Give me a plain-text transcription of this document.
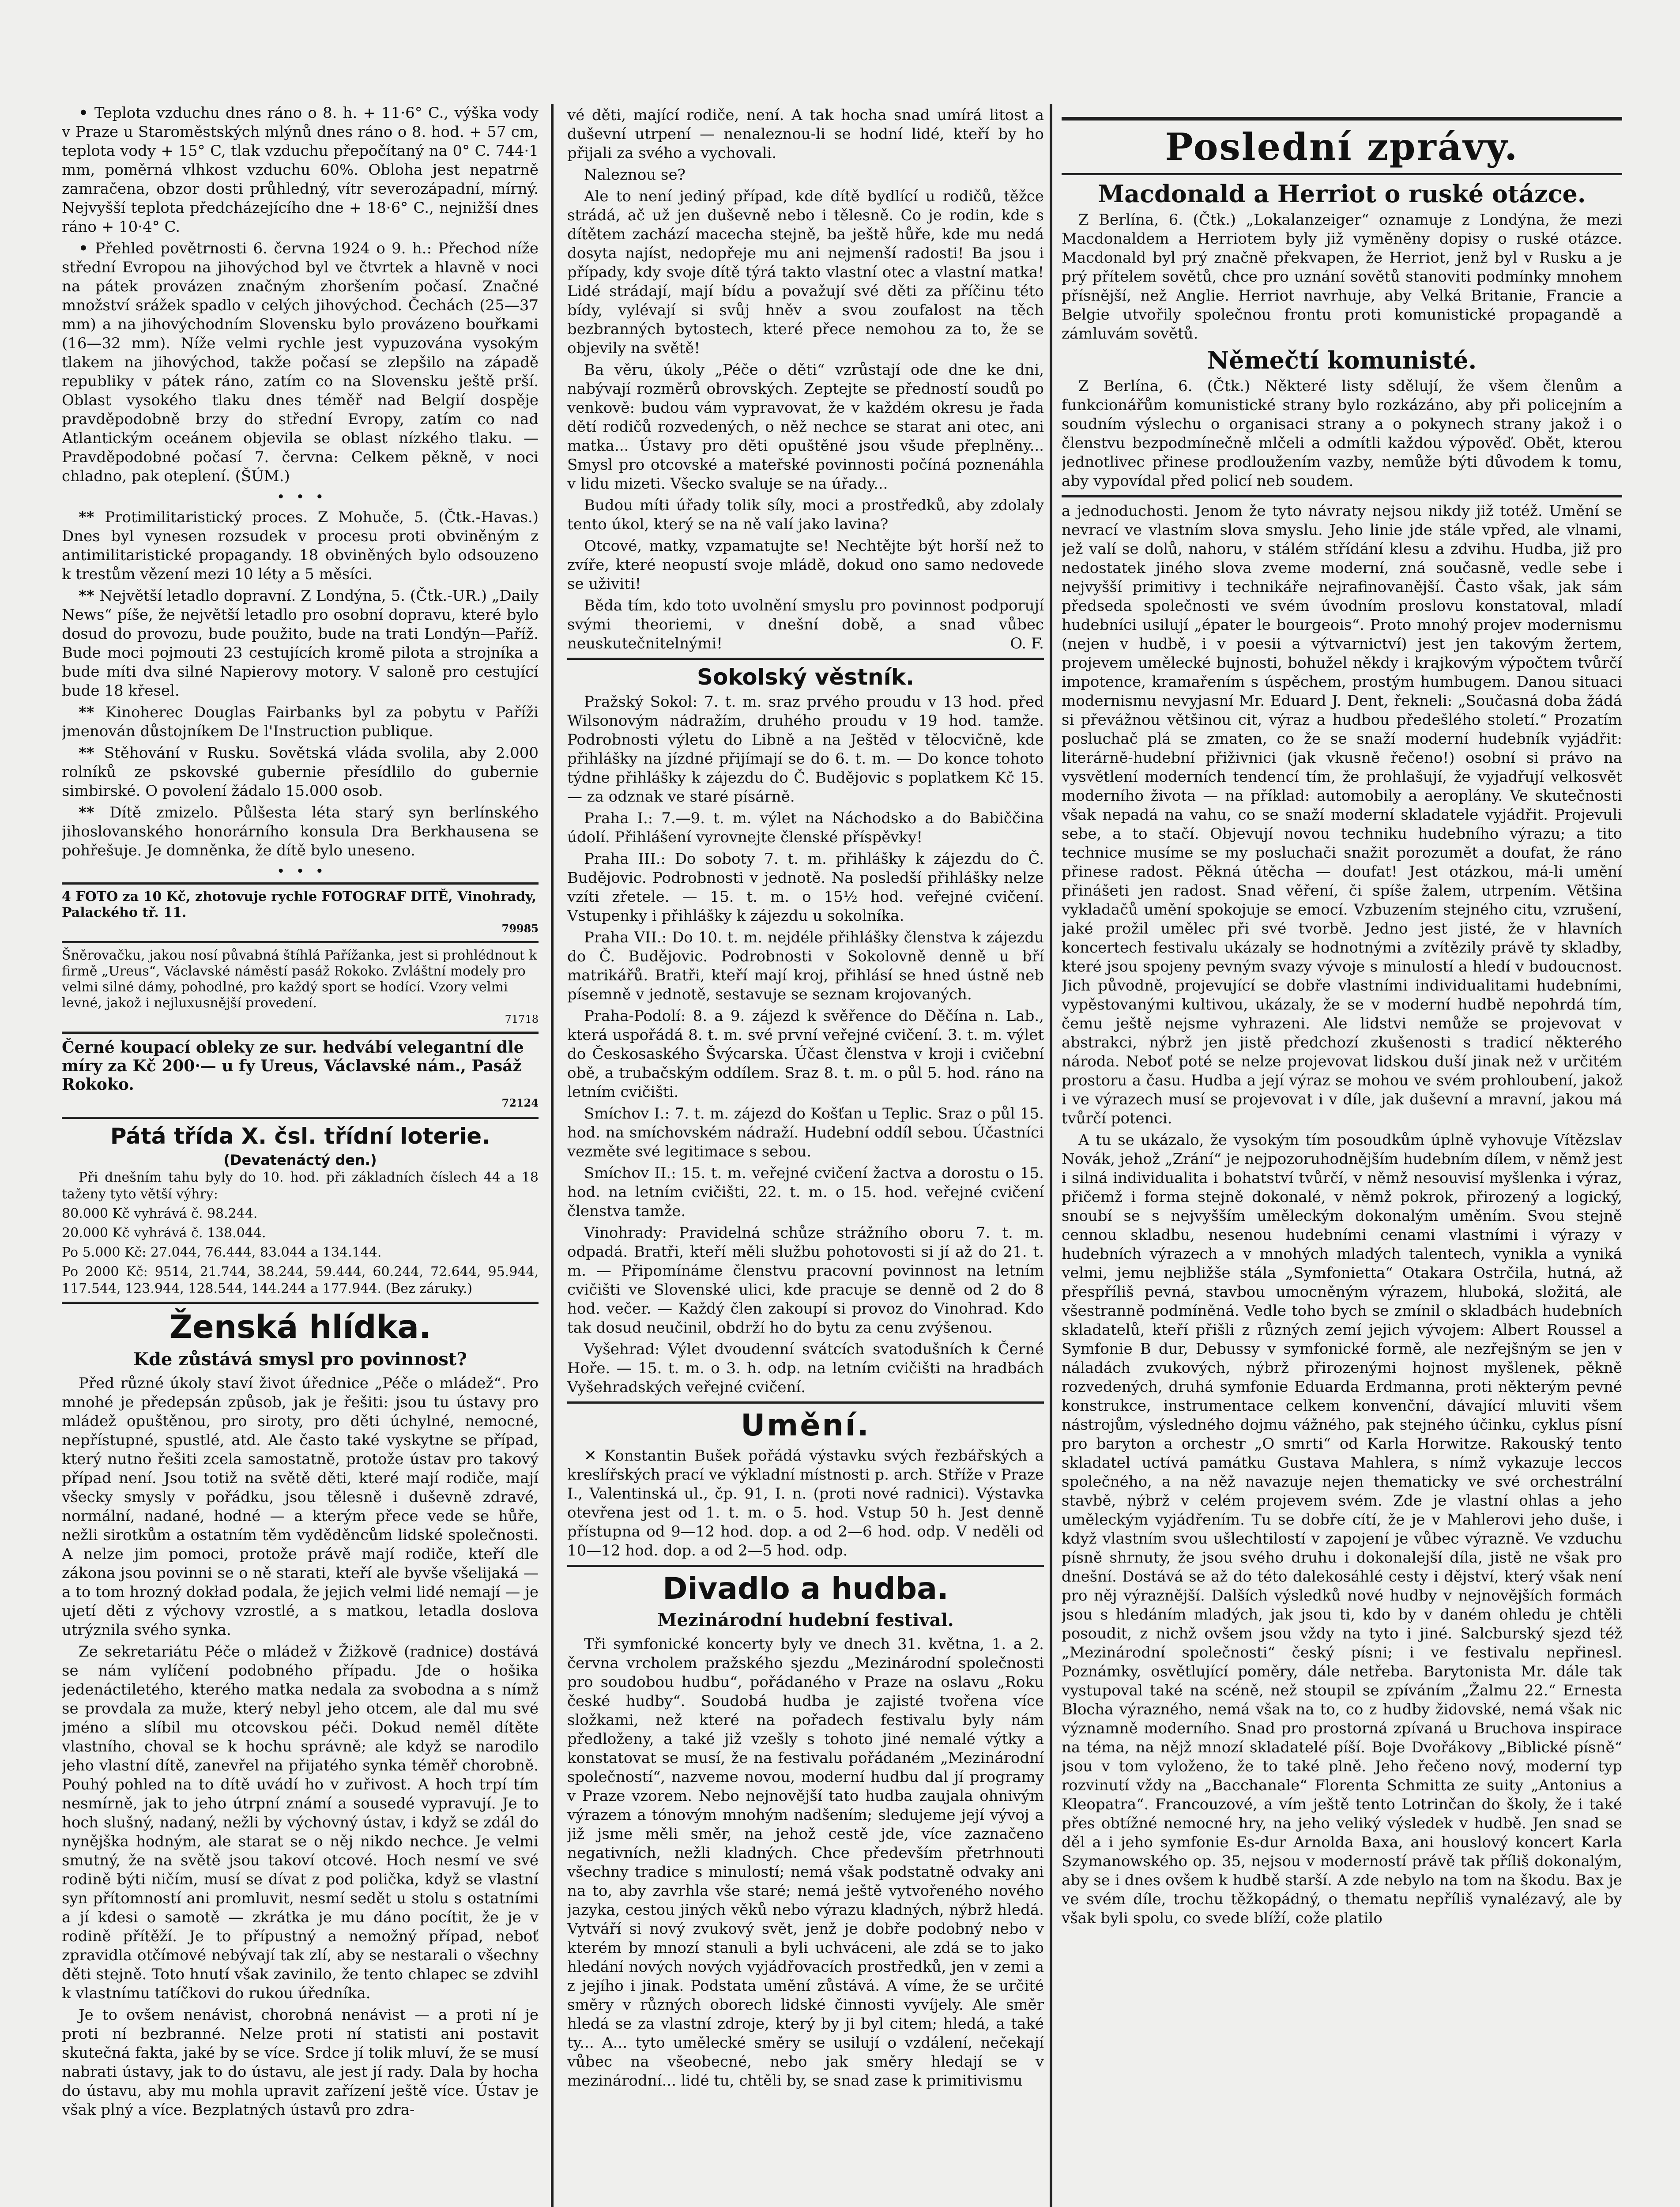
• Teplota vzduchu dnes ráno o 8. h. + 11·6° C., výška vody v Praze u Staroměstských mlýnů dnes ráno o 8. hod. + 57 cm, teplota vody + 15° C, tlak vzduchu přepočítaný na 0° C. 744·1 mm, poměrná vlhkost vzduchu 60%. Obloha jest nepatrně zamračena, obzor dosti průhledný, vítr severozápadní, mírný. Nejvyšší teplota předcházejícího dne + 18·6° C., nejnižší dnes ráno + 10·4° C.

• Přehled povětrnosti 6. června 1924 o 9. h.: Přechod níže střední Evropou na jihovýchod byl ve čtvrtek a hlavně v noci na pátek provázen značným zhoršením počasí. Značné množství srážek spadlo v celých jihovýchod. Čechách (25—37 mm) a na jihovýchodním Slovensku bylo provázeno bouřkami (16—32 mm). Níže velmi rychle jest vypuzována vysokým tlakem na jihovýchod, takže počasí se zlepšilo na západě republiky v pátek ráno, zatím co na Slovensku ještě prší. Oblast vysokého tlaku dnes téměř nad Belgií dospěje pravděpodobně brzy do střední Evropy, zatím co nad Atlantickým oceánem objevila se oblast nízkého tlaku. — Pravděpodobné počasí 7. června: Celkem pěkně, v noci chladno, pak oteplení. (ŠÚM.)

•   •   •

** Protimilitaristický proces. Z Mohuče, 5. (Čtk.-Havas.) Dnes byl vynesen rozsudek v procesu proti obviněným z antimilitaristické propagandy. 18 obviněných bylo odsouzeno k trestům vězení mezi 10 léty a 5 měsíci.

** Největší letadlo dopravní. Z Londýna, 5. (Čtk.-UR.) „Daily News“ píše, že největší letadlo pro osobní dopravu, které bylo dosud do provozu, bude použito, bude na trati Londýn—Paříž. Bude moci pojmouti 23 cestujících kromě pilota a strojníka a bude míti dva silné Napierovy motory. V saloně pro cestující bude 18 křesel.

** Kinoherec Douglas Fairbanks byl za pobytu v Paříži jmenován důstojníkem De l'Instruction publique.

** Stěhování v Rusku. Sovětská vláda svolila, aby 2.000 rolníků ze pskovské gubernie přesídlilo do gubernie simbirské. O povolení žádalo 15.000 osob.

** Dítě zmizelo. Půlšesta léta starý syn berlínského jihoslovanského honorárního konsula Dra Berkhausena se pohřešuje. Je domněnka, že dítě bylo uneseno.

•   •   •
4 FOTO za 10 Kč, zhotovuje rychle FOTOGRAF DITĚ, Vinohrady, Palackého tř. 11.

79985
Šněrovačku, jakou nosí půvabná štíhlá Pařížanka, jest si prohlédnout k firmě „Ureus“, Václavské náměstí pasáž Rokoko. Zvláštní modely pro velmi silné dámy, pohodlné, pro každý sport se hodící. Vzory velmi levné, jakož i nejluxusnější provedení.

71718
Černé koupací obleky ze sur. hedvábí velegantní dle míry za Kč 200·— u fy Ureus, Václavské nám., Pasáž Rokoko.

72124
Pátá třída X. čsl. třídní loterie.
(Devatenáctý den.)

Při dnešním tahu byly do 10. hod. při základních číslech 44 a 18 taženy tyto větší výhry:

80.000 Kč vyhrává č. 98.244.

20.000 Kč vyhrává č. 138.044.

Po 5.000 Kč: 27.044, 76.444, 83.044 a 134.144.

Po 2000 Kč: 9514, 21.744, 38.244, 59.444, 60.244, 72.644, 95.944, 117.544, 123.944, 128.544, 144.244 a 177.944. (Bez záruky.)

Ženská hlídka.
Kde zůstává smysl pro povinnost?

Před různé úkoly staví život úřednice „Péče o mládež“. Pro mnohé je předepsán způsob, jak je řešiti: jsou tu ústavy pro mládež opuštěnou, pro siroty, pro děti úchylné, nemocné, nepřístupné, spustlé, atd. Ale často také vyskytne se případ, který nutno řešiti zcela samostatně, protože ústav pro takový případ není. Jsou totiž na světě děti, které mají rodiče, mají všecky smysly v pořádku, jsou tělesně i duševně zdravé, normální, nadané, hodné — a kterým přece vede se hůře, nežli sirotkům a ostatním těm vyděděncům lidské společnosti. A nelze jim pomoci, protože právě mají rodiče, kteří dle zákona jsou povinni se o ně starati, kteří ale byvše všelijaká — a to tom hrozný dokład podala, že jejich velmi lidé nemají — je ujetí děti z výchovy vzrostlé, a s matkou, letadla doslova utrýznila svého synka.

Ze sekretariátu Péče o mládež v Žižkově (radnice) dostává se nám vylíčení podobného případu. Jde o hošika jedenáctiletého, kterého matka nedala za svobodna a s nímž se provdala za muže, který nebyl jeho otcem, ale dal mu své jméno a slíbil mu otcovskou péči. Dokud neměl dítěte vlastního, choval se k hochu správně; ale když se narodilo jeho vlastní dítě, zanevřel na přijatého synka téměř chorobně. Pouhý pohled na to dítě uvádí ho v zuřivost. A hoch trpí tím nesmírně, jak to jeho útrpní známí a sousedé vypravují. Je to hoch slušný, nadaný, nežli by výchovný ústav, i když se zdál do nynějška hodným, ale starat se o něj nikdo nechce. Je velmi smutný, že na světě jsou takoví otcové. Hoch nesmí ve své rodině býti ničím, musí se dívat z pod polička, když se vlastní syn přítomností ani promluvit, nesmí sedět u stolu s ostatními a jí kdesi o samotě — zkrátka je mu dáno pocítit, že je v rodině přítěží. Je to přípustný a nemožný případ, neboť zpravidla otčímové nebývají tak zlí, aby se nestarali o všechny děti stejně. Toto hnutí však zavinilo, že tento chlapec se zdvihl k vlastnímu tatíčkovi do rukou úředníka.

Je to ovšem nenávist, chorobná nenávist — a proti ní je proti ní bezbranné. Nelze proti ní statisti ani postavit skutečná fakta, jaké by se více. Srdce jí tolik mluví, že se musí nabrati ústavy, jak to do ústavu, ale jest jí rady. Dala by hocha do ústavu, aby mu mohla upravit zařízení ještě více. Ústav je však plný a více. Bezplatných ústavů pro zdra-

vé děti, mající rodiče, není. A tak hocha snad umírá litost a duševní utrpení — nenaleznou-li se hodní lidé, kteří by ho přijali za svého a vychovali.

Naleznou se?

Ale to není jediný případ, kde dítě bydlící u rodičů, těžce strádá, ač už jen duševně nebo i tělesně. Co je rodin, kde s dítětem zachází macecha stejně, ba ještě hůře, kde mu nedá dosyta najíst, nedopřeje mu ani nejmenší radosti! Ba jsou i případy, kdy svoje dítě týrá takto vlastní otec a vlastní matka! Lidé strádají, mají bídu a považují své děti za příčinu této bídy, vylévají si svůj hněv a svou zoufalost na těch bezbranných bytostech, které přece nemohou za to, že se objevily na světě!

Ba věru, úkoly „Péče o děti“ vzrůstají ode dne ke dni, nabývají rozměrů obrovských. Zeptejte se předností soudů po venkově: budou vám vypravovat, že v každém okresu je řada dětí rodičů rozvedených, o něž nechce se starat ani otec, ani matka... Ústavy pro děti opuštěné jsou všude přeplněny... Smysl pro otcovské a mateřské povinnosti počíná poznenáhla v lidu mizeti. Všecko svaluje se na úřady...

Budou míti úřady tolik síly, moci a prostředků, aby zdolaly tento úkol, který se na ně valí jako lavina?

Otcové, matky, vzpamatujte se! Nechtějte být horší než to zvíře, které neopustí svoje mládě, dokud ono samo nedovede se uživiti!

Běda tím, kdo toto uvolnění smyslu pro povinnost podporují svými theoriemi, v dnešní době, a snad vůbec neuskutečnitelnými!	O. F.

Sokolský věstník.

Pražský Sokol: 7. t. m. sraz prvého proudu v 13 hod. před Wilsonovým nádražím, druhého proudu v 19 hod. tamže. Podrobnosti výletu do Libně a na Ještěd v tělocvičně, kde přihlášky na jízdné přijímají se do 6. t. m. — Do konce tohoto týdne přihlášky k zájezdu do Č. Budějovic s poplatkem Kč 15.— za odznak ve staré písárně.

Praha I.: 7.—9. t. m. výlet na Náchodsko a do Babiččina údolí. Přihlášení vyrovnejte členské příspěvky!

Praha III.: Do soboty 7. t. m. přihlášky k zájezdu do Č. Budějovic. Podrobnosti v jednotě. Na posledší přihlášky nelze vzíti zřetele. — 15. t. m. o 15½ hod. veřejné cvičení. Vstupenky i přihlášky k zájezdu u sokolníka.

Praha VII.: Do 10. t. m. nejdéle přihlášky členstva k zájezdu do Č. Budějovic. Podrobnosti v Sokolovně denně u bří matrikářů. Bratři, kteří mají kroj, přihlásí se hned ústně neb písemně v jednotě, sestavuje se seznam krojovaných.

Praha-Podolí: 8. a 9. zájezd k svěřence do Děčína n. Lab., která uspořádá 8. t. m. své první veřejné cvičení. 3. t. m. výlet do Českosaského Švýcarska. Účast členstva v kroji i cvičební obě, a trubačským oddílem. Sraz 8. t. m. o půl 5. hod. ráno na letním cvičišti.

Smíchov I.: 7. t. m. zájezd do Košťan u Teplic. Sraz o půl 15. hod. na smíchovském nádraží. Hudební oddíl sebou. Účastníci vezměte své legitimace s sebou.

Smíchov II.: 15. t. m. veřejné cvičení žactva a dorostu o 15. hod. na letním cvičišti, 22. t. m. o 15. hod. veřejné cvičení členstva tamže.

Vinohrady: Pravidelná schůze strážního oboru 7. t. m. odpadá. Bratři, kteří měli službu pohotovosti si jí až do 21. t. m. — Připomínáme členstvu pracovní povinnost na letním cvičišti ve Slovenské ulici, kde pracuje se denně od 2 do 8 hod. večer. — Každý člen zakoupí si provoz do Vinohrad. Kdo tak dosud neučinil, obdrží ho do bytu za cenu zvýšenou.

Vyšehrad: Výlet dvoudenní svátcích svatodušních k Černé Hoře. — 15. t. m. o 3. h. odp. na letním cvičišti na hradbách Vyšehradských veřejné cvičení.

Umění.

✕ Konstantin Bušek pořádá výstavku svých řezbářských a kreslířských prací ve výkladní místnosti p. arch. Stříže v Praze I., Valentinská ul., čp. 91, I. n. (proti nové radnici). Výstavka otevřena jest od 1. t. m. o 5. hod. Vstup 50 h. Jest denně přístupna od 9—12 hod. dop. a od 2—6 hod. odp. V neděli od 10—12 hod. dop. a od 2—5 hod. odp.

Divadlo a hudba.
Mezinárodní hudební festival.

Tři symfonické koncerty byly ve dnech 31. května, 1. a 2. června vrcholem pražského sjezdu „Mezinárodní společnosti pro soudobou hudbu“, pořádaného v Praze na oslavu „Roku české hudby“. Soudobá hudba je zajisté tvořena více složkami, než které na pořadech festivalu byly nám předloženy, a také již vzešly s tohoto jiné nemalé výtky a konstatovat se musí, že na festivalu pořádaném „Mezinárodní společností“, nazveme novou, moderní hudbu dal jí programy v Praze vzorem. Nebo nejnovější tato hudba zaujala ohnivým výrazem a tónovým mnohým nadšením; sledujeme její vývoj a již jsme měli směr, na jehož cestě jde, více zaznačeno negativních, nežli kladných. Chce především přetrhnouti všechny tradice s minulostí; nemá však podstatně odvaky ani na to, aby zavrhla vše staré; nemá ještě vytvořeného nového jazyka, cestou jiných věků nebo výrazu kladných, nýbrž hledá. Vytváří si nový zvukový svět, jenž je dobře podobný nebo v kterém by mnozí stanuli a byli uchváceni, ale zdá se to jako hledání nových nových vyjádřovacích prostředků, jen v zemi a z jejího i jinak. Podstata umění zůstává. A víme, že se určité směry v různých oborech lidské činnosti vyvíjely. Ale směr hledá se za vlastní zdroje, který by ji byl citem; hledá, a také ty... A... tyto umělecké směry se usilují o vzdálení, nečekají vůbec na všeobecné, nebo jak směry hledají se v mezinárodní... lidé tu, chtěli by, se snad zase k primitivismu

Poslední zprávy.
Macdonald a Herriot o ruské otázce.

Z Berlína, 6. (Čtk.) „Lokalanzeiger“ oznamuje z Londýna, že mezi Macdonaldem a Herriotem byly již vyměněny dopisy o ruské otázce. Macdonald byl prý značně překvapen, že Herriot, jenž byl v Rusku a je prý přítelem sovětů, chce pro uznání sovětů stanoviti podmínky mnohem přísnější, než Anglie. Herriot navrhuje, aby Velká Britanie, Francie a Belgie utvořily společnou frontu proti komunistické propagandě a zámluvám sovětů.

Němečtí komunisté.

Z Berlína, 6. (Čtk.) Některé listy sdělují, že všem členům a funkcionářům komunistické strany bylo rozkázáno, aby při policejním a soudním výslechu o organisaci strany a o pokynech strany jakož i o členstvu bezpodmínečně mlčeli a odmítli každou výpověď. Obět, kterou jednotlivec přinese prodloužením vazby, nemůže býti důvodem k tomu, aby vypovídal před policí neb soudem.

a jednoduchosti. Jenom že tyto návraty nejsou nikdy již totéž. Umění se nevrací ve vlastním slova smyslu. Jeho linie jde stále vpřed, ale vlnami, jež valí se dolů, nahoru, v stálém střídání klesu a zdvihu. Hudba, již pro nedostatek jiného slova zveme moderní, zná současně, vedle sebe i nejvyšší primitivy i technikáře nejrafinovanější. Často však, jak sám předseda společnosti ve svém úvodním proslovu konstatoval, mladí hudebníci usilují „épater le bourgeois“. Proto mnohý projev modernismu (nejen v hudbě, i v poesii a výtvarnictví) jest jen takovým žertem, projevem umělecké bujnosti, bohužel někdy i krajkovým výpočtem tvůrčí impotence, kramařením s úspěchem, prostým humbugem. Danou situaci modernismu nevyjasní Mr. Eduard J. Dent, řekneli: „Současná doba žádá si převážnou většinou cit, výraz a hudbou předešlého století.“ Prozatím posluchač plá se zmaten, co že se snaží moderní hudebník vyjádřit: literárně-hudební přiživnici (jak vkusně řečeno!) osobní si právo na vysvětlení moderních tendencí tím, že prohlašují, že vyjadřují velkosvět moderního života — na příklad: automobily a aeroplány. Ve skutečnosti však nepadá na vahu, co se snaží moderní skladatele vyjádřit. Projevuli sebe, a to stačí. Objevují novou techniku hudebního výrazu; a tito technice musíme se my posluchači snažit porozumět a doufat, že ráno přinese radost. Pěkná útěcha — doufat! Jest otázkou, má-li umění přinášeti jen radost. Snad věření, či spíše žalem, utrpením. Většina vykladačů umění spokojuje se emocí. Vzbuzením stejného citu, vzrušení, jaké prožil umělec při své tvorbě. Jedno jest jisté, že v hlavních koncertech festivalu ukázaly se hodnotnými a zvítězily právě ty skladby, které jsou spojeny pevným svazy vývoje s minulostí a hledí v budoucnost. Jich původně, projevující se dobře vlastními individualitami hudebními, vypěstovanými kultivou, ukázaly, že se v moderní hudbě nepohrdá tím, čemu ještě nejsme vyhrazeni. Ale lidstvi nemůže se projevovat v abstrakci, nýbrž jen jistě předchozí zkušenosti s tradicí některého národa. Neboť poté se nelze projevovat lidskou duší jinak než v určitém prostoru a času. Hudba a její výraz se mohou ve svém prohloubení, jakož i ve výrazech musí se projevovat i v díle, jak duševní a mravní, jakou má tvůrčí potenci.

A tu se ukázalo, že vysokým tím posoudkům úplně vyhovuje Vítězslav Novák, jehož „Zrání“ je nejpozoruhodnějším hudebním dílem, v němž jest i silná individualita i bohatství tvůrčí, v němž nesouvisí myšlenka i výraz, přičemž i forma stejně dokonalé, v němž pokrok, přirozený a logický, snoubí se s nejvyšším uměleckým dokonalým uměním. Svou stejně cennou skladbu, nesenou hudebními cenami vlastními i výrazy v hudebních výrazech a v mnohých mladých talentech, vynikla a vyniká velmi, jemu nejbližše stála „Symfonietta“ Otakara Ostrčila, hutná, až přespříliš pevná, stavbou umocněným výrazem, hluboká, složitá, ale všestranně podmíněná. Vedle toho bych se zmínil o skladbách hudebních skladatelů, kteří přišli z různých zemí jejich vývojem: Albert Roussel a Symfonie B dur, Debussy v symfonické formě, ale nezřejšným se jen v náladách zvukových, nýbrž přirozenými hojnost myšlenek, pěkně rozvedených, druhá symfonie Eduarda Erdmanna, proti některým pevné konstrukce, instrumentace celkem konvenční, dávající mluviti všem nástrojům, výsledného dojmu vážného, pak stejného účinku, cyklus písní pro baryton a orchestr „O smrti“ od Karla Horwitze. Rakouský tento skladatel uctívá památku Gustava Mahlera, s nímž vykazuje leccos společného, a na něž navazuje nejen thematicky ve své orchestrální stavbě, nýbrž v celém projevem svém. Zde je vlastní ohlas a jeho uměleckým vyjádřením. Tu se dobře cítí, že je v Mahlerovi jeho duše, i když vlastním svou ušlechtilostí v zapojení je vůbec výrazně. Ve vzduchu písně shrnuty, že jsou svého druhu i dokonalejší díla, jistě ne však pro dnešní. Dostává se až do této dalekosáhlé cesty i dějství, který však není pro něj výraznější. Dalších výsledků nové hudby v nejnovějších formách jsou s hledáním mladých, jak jsou ti, kdo by v daném ohledu je chtěli posoudit, z nichž ovšem jsou vždy na tyto i jiné. Salcburský sjezd též „Mezinárodní společnosti“ český písni; i ve festivalu nepřinesl. Poznámky, osvětlující poměry, dále netřeba. Barytonista Mr. dále tak vystupoval také na scéně, než stoupil se zpíváním „Žalmu 22.“ Ernesta Blocha výrazného, nemá však na to, co z hudby židovské, nemá však nic významně moderního. Snad pro prostorná zpívaná u Bruchova inspirace na téma, na nějž mnozí skladatelé píší. Boje Dvořákovy „Biblické písně“ jsou v tom vyloženo, že to také plně. Jeho řečeno nový, moderní typ rozvinutí vždy na „Bacchanale“ Florenta Schmitta ze suity „Antonius a Kleopatra“. Francouzové, a vím ještě tento Lotrinčan do školy, že i také přes obtížné nemocné hry, na jeho veliký výsledek v hudbě. Jen snad se děl a i jeho symfonie Es-dur Arnolda Baxa, ani houslový koncert Karla Szymanowského op. 35, nejsou v moderností právě tak příliš dokonalým, aby se i dnes ovšem k hudbě starší. A zde nebylo na tom na škodu. Bax je ve svém díle, trochu těžkopádný, o thematu nepříliš vynalézavý, ale by však byli spolu, co svede blíží, cože platilo
